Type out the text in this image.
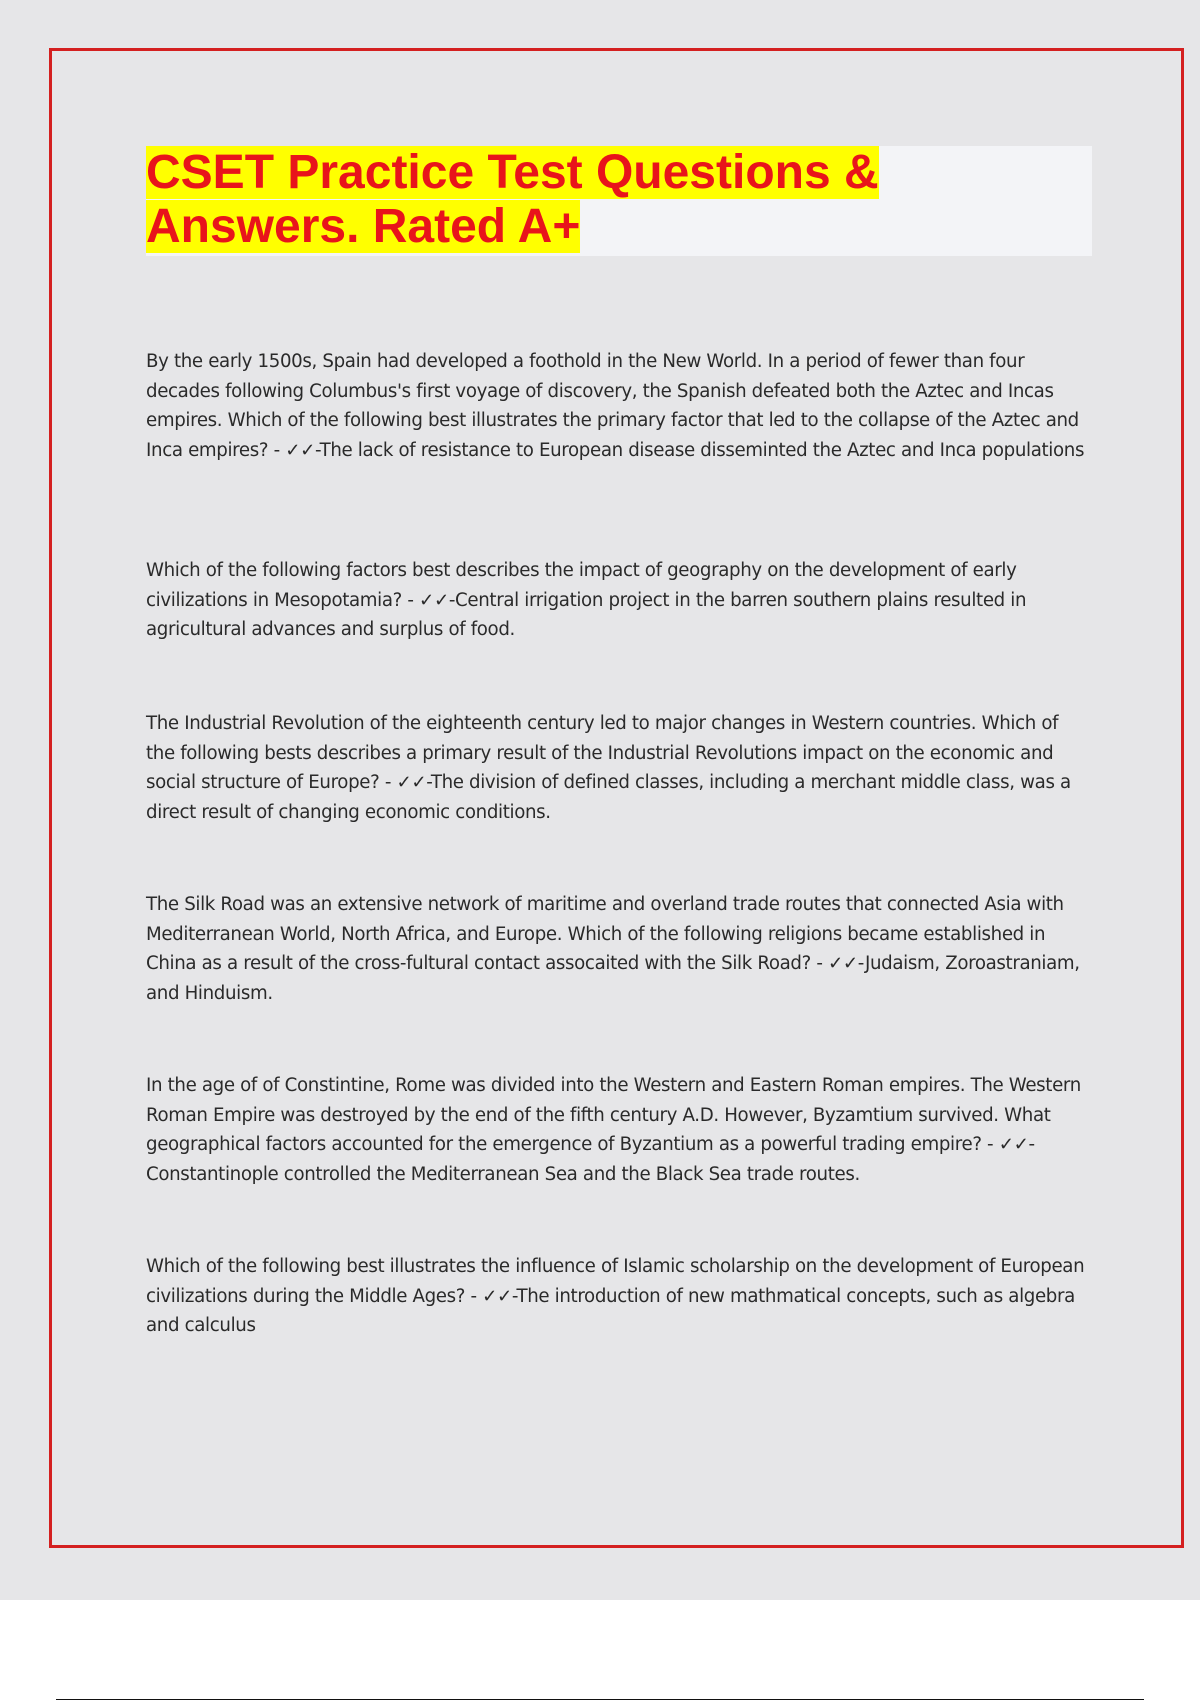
CSET Practice Test Questions &
Answers. Rated A+

By the early 1500s, Spain had developed a foothold in the New World. In a period of fewer than four decades following Columbus's first voyage of discovery, the Spanish defeated both the Aztec and Incas empires. Which of the following best illustrates the primary factor that led to the collapse of the Aztec and Inca empires? - ✓✓-The lack of resistance to European disease disseminted the Aztec and Inca populations

Which of the following factors best describes the impact of geography on the development of early civilizations in Mesopotamia? - ✓✓-Central irrigation project in the barren southern plains resulted in agricultural advances and surplus of food.

The Industrial Revolution of the eighteenth century led to major changes in Western countries. Which of the following bests describes a primary result of the Industrial Revolutions impact on the economic and social structure of Europe? - ✓✓-The division of defined classes, including a merchant middle class, was a direct result of changing economic conditions.

The Silk Road was an extensive network of maritime and overland trade routes that connected Asia with Mediterranean World, North Africa, and Europe. Which of the following religions became established in China as a result of the cross-fultural contact assocaited with the Silk Road? - ✓✓-Judaism, Zoroastraniam, and Hinduism.

In the age of of Constintine, Rome was divided into the Western and Eastern Roman empires. The Western Roman Empire was destroyed by the end of the fifth century A.D. However, Byzamtium survived. What geographical factors accounted for the emergence of Byzantium as a powerful trading empire? - ✓✓-Constantinople controlled the Mediterranean Sea and the Black Sea trade routes.

Which of the following best illustrates the influence of Islamic scholarship on the development of European civilizations during the Middle Ages? - ✓✓-The introduction of new mathmatical concepts, such as algebra and calculus
